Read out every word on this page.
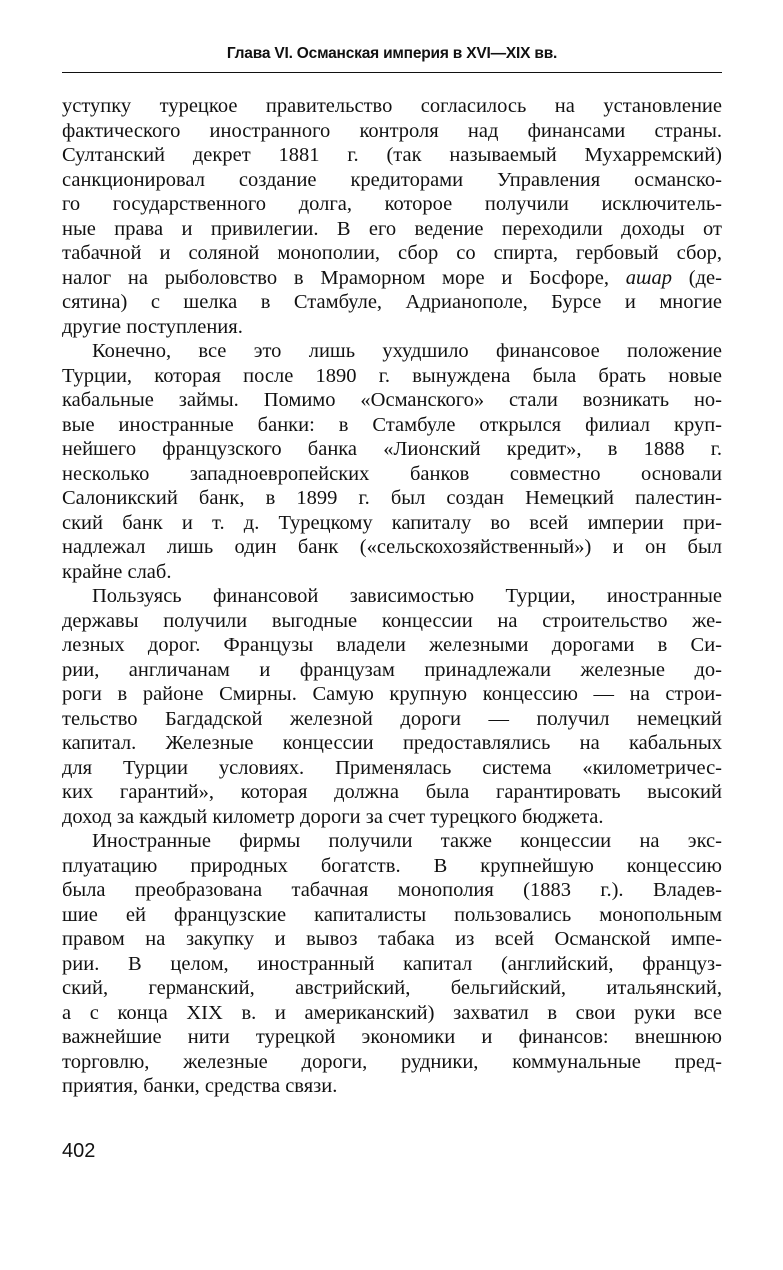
Глава VI. Османская империя в XVI—XIX вв.
уступку турецкое правительство согласилось на установление
фактического иностранного контроля над финансами страны.
Султанский декрет 1881 г. (так называемый Мухарремский)
санкционировал создание кредиторами Управления османско-
го государственного долга, которое получили исключитель-
ные права и привилегии. В его ведение переходили доходы от
табачной и соляной монополии, сбор со спирта, гербовый сбор,
налог на рыболовство в Мраморном море и Босфоре, ашар (де-
сятина) с шелка в Стамбуле, Адрианополе, Бурсе и многие
другие поступления.
Конечно, все это лишь ухудшило финансовое положение
Турции, которая после 1890 г. вынуждена была брать новые
кабальные займы. Помимо «Османского» стали возникать но-
вые иностранные банки: в Стамбуле открылся филиал круп-
нейшего французского банка «Лионский кредит», в 1888 г.
несколько западноевропейских банков совместно основали
Салоникский банк, в 1899 г. был создан Немецкий палестин-
ский банк и т. д. Турецкому капиталу во всей империи при-
надлежал лишь один банк («сельскохозяйственный») и он был
крайне слаб.
Пользуясь финансовой зависимостью Турции, иностранные
державы получили выгодные концессии на строительство же-
лезных дорог. Французы владели железными дорогами в Си-
рии, англичанам и французам принадлежали железные до-
роги в районе Смирны. Самую крупную концессию — на строи-
тельство Багдадской железной дороги — получил немецкий
капитал. Железные концессии предоставлялись на кабальных
для Турции условиях. Применялась система «километричес-
ких гарантий», которая должна была гарантировать высокий
доход за каждый километр дороги за счет турецкого бюджета.
Иностранные фирмы получили также концессии на экс-
плуатацию природных богатств. В крупнейшую концессию
была преобразована табачная монополия (1883 г.). Владев-
шие ей французские капиталисты пользовались монопольным
правом на закупку и вывоз табака из всей Османской импе-
рии. В целом, иностранный капитал (английский, француз-
ский, германский, австрийский, бельгийский, итальянский,
а с конца XIX в. и американский) захватил в свои руки все
важнейшие нити турецкой экономики и финансов: внешнюю
торговлю, железные дороги, рудники, коммунальные пред-
приятия, банки, средства связи.
402
